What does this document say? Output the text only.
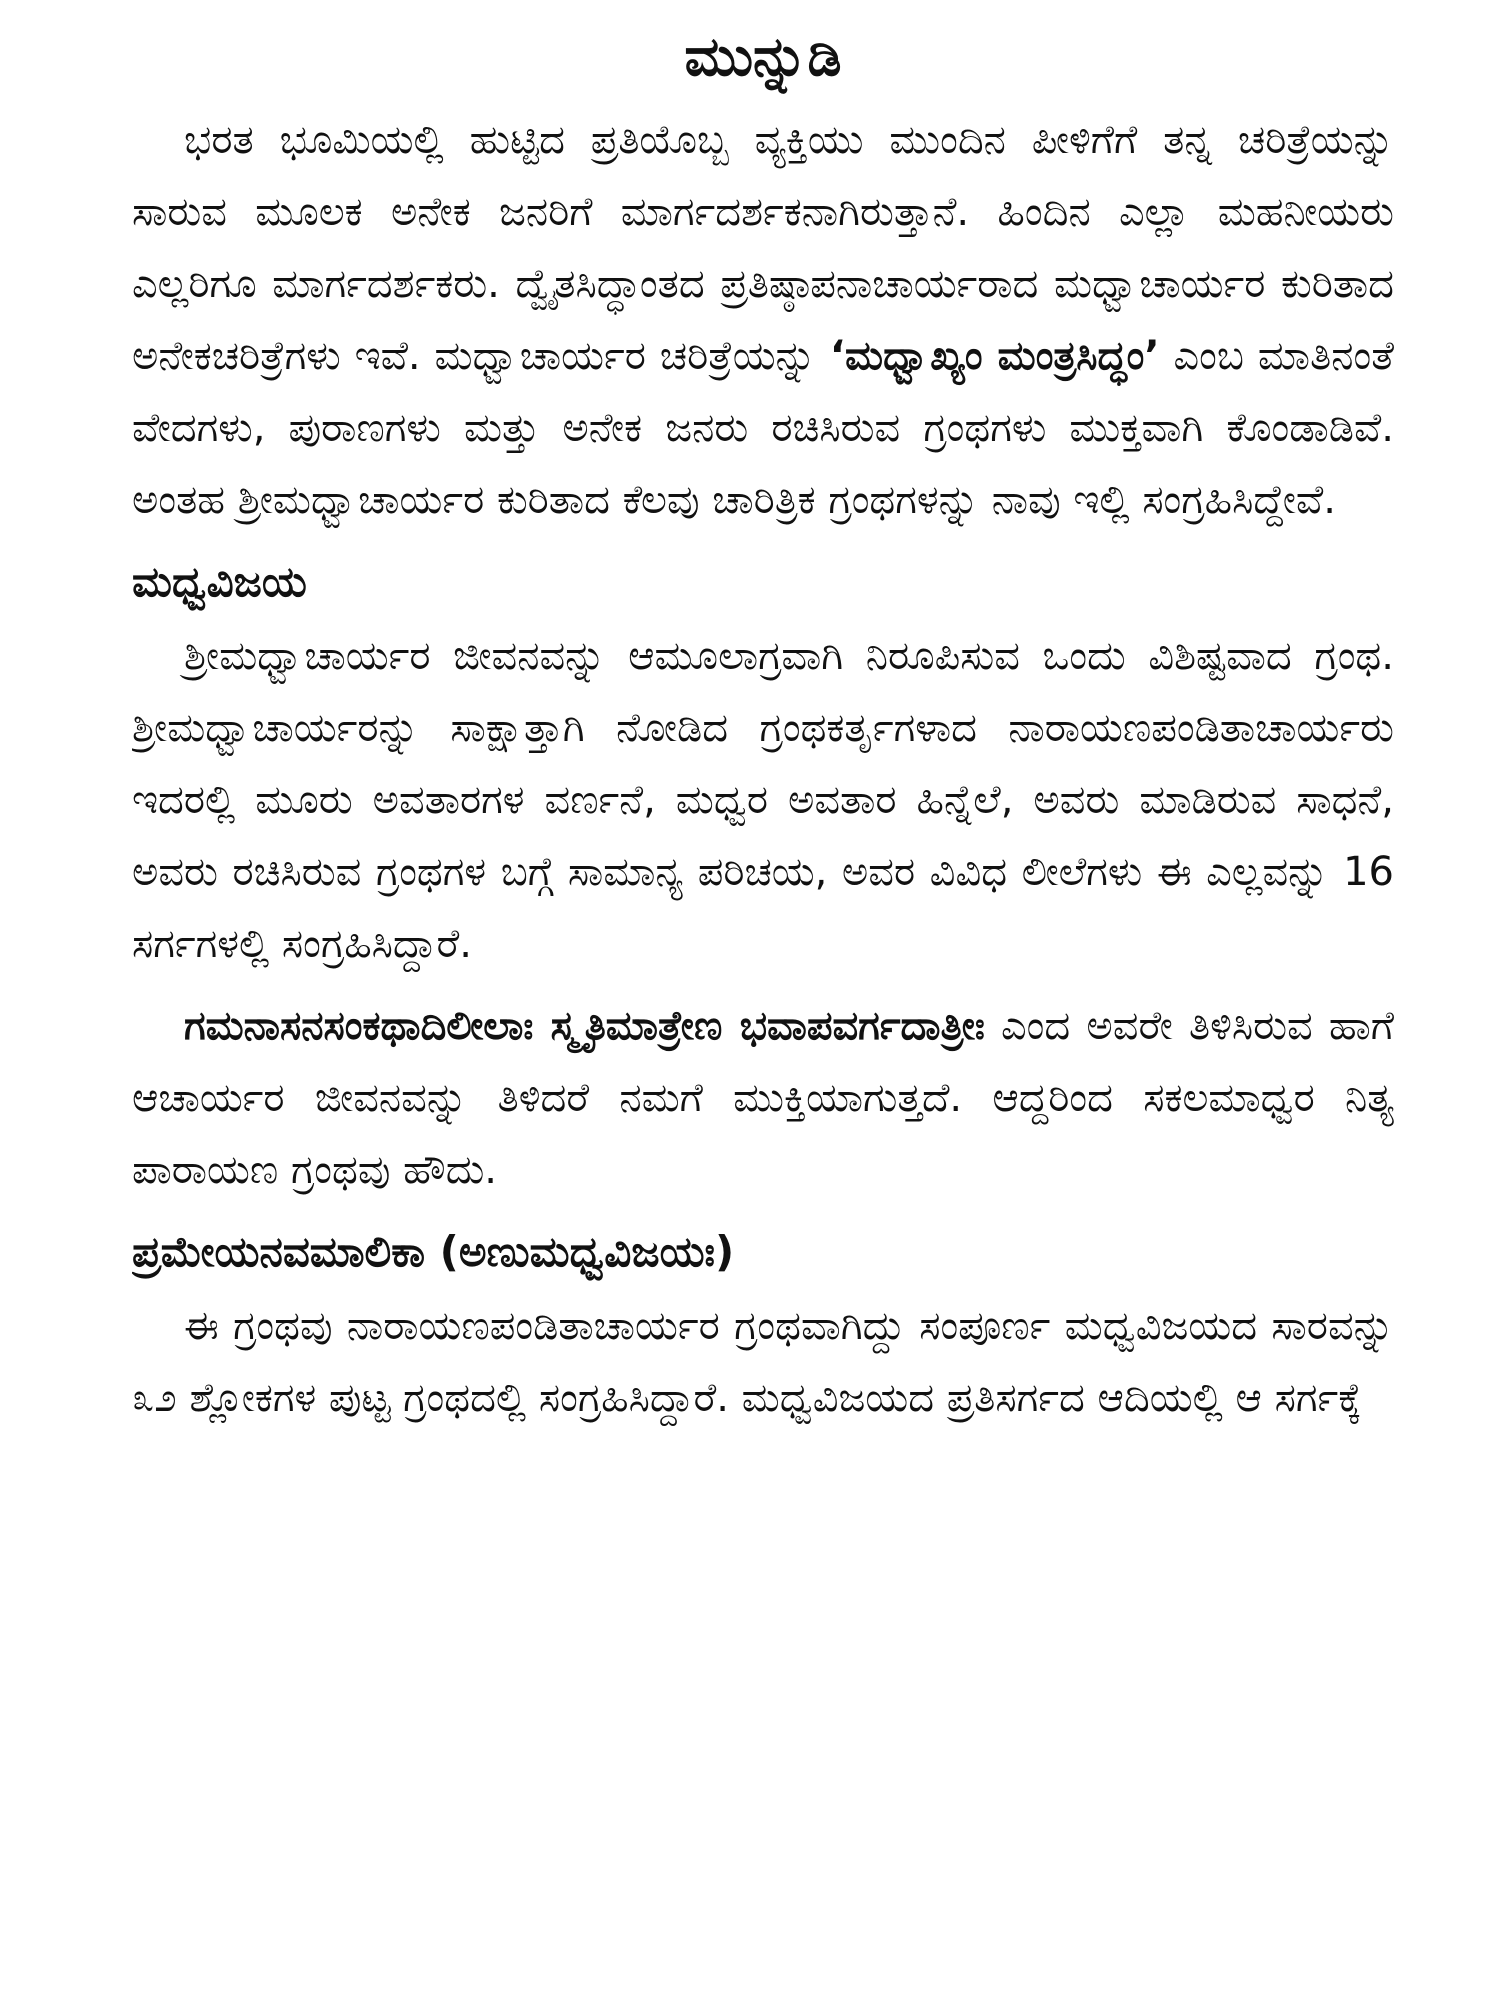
ಮುನ್ನುಡಿ

ಭರತ ಭೂಮಿಯಲ್ಲಿ ಹುಟ್ಟಿದ ಪ್ರತಿಯೊಬ್ಬ ವ್ಯಕ್ತಿಯು ಮುಂದಿನ ಪೀಳಿಗೆಗೆ ತನ್ನ ಚರಿತ್ರೆಯನ್ನು ಸಾರುವ ಮೂಲಕ ಅನೇಕ ಜನರಿಗೆ ಮಾರ್ಗದರ್ಶಕನಾಗಿರುತ್ತಾನೆ. ಹಿಂದಿನ ಎಲ್ಲಾ ಮಹನೀಯರು ಎಲ್ಲರಿಗೂ ಮಾರ್ಗದರ್ಶಕರು. ದ್ವೈತಸಿದ್ಧಾಂತದ ಪ್ರತಿಷ್ಠಾಪನಾಚಾರ್ಯರಾದ ಮಧ್ವಾಚಾರ್ಯರ ಕುರಿತಾದ ಅನೇಕಚರಿತ್ರೆಗಳು ಇವೆ. ಮಧ್ವಾಚಾರ್ಯರ ಚರಿತ್ರೆಯನ್ನು ‘ಮಧ್ವಾಖ್ಯಂ ಮಂತ್ರಸಿದ್ಧಂ’ ಎಂಬ ಮಾತಿನಂತೆ ವೇದಗಳು, ಪುರಾಣಗಳು ಮತ್ತು ಅನೇಕ ಜನರು ರಚಿಸಿರುವ ಗ್ರಂಥಗಳು ಮುಕ್ತವಾಗಿ ಕೊಂಡಾಡಿವೆ. ಅಂತಹ ಶ್ರೀಮಧ್ವಾಚಾರ್ಯರ ಕುರಿತಾದ ಕೆಲವು ಚಾರಿತ್ರಿಕ ಗ್ರಂಥಗಳನ್ನು ನಾವು ಇಲ್ಲಿ ಸಂಗ್ರಹಿಸಿದ್ದೇವೆ.

ಮಧ್ವವಿಜಯ

ಶ್ರೀಮಧ್ವಾಚಾರ್ಯರ ಜೀವನವನ್ನು ಆಮೂಲಾಗ್ರವಾಗಿ ನಿರೂಪಿಸುವ ಒಂದು ವಿಶಿಷ್ಟವಾದ ಗ್ರಂಥ. ಶ್ರೀಮಧ್ವಾಚಾರ್ಯರನ್ನು ಸಾಕ್ಷಾತ್ತಾಗಿ ನೋಡಿದ ಗ್ರಂಥಕರ್ತೃಗಳಾದ ನಾರಾಯಣಪಂಡಿತಾಚಾರ್ಯರು ಇದರಲ್ಲಿ ಮೂರು ಅವತಾರಗಳ ವರ್ಣನೆ, ಮಧ್ವರ ಅವತಾರ ಹಿನ್ನೆಲೆ, ಅವರು ಮಾಡಿರುವ ಸಾಧನೆ, ಅವರು ರಚಿಸಿರುವ ಗ್ರಂಥಗಳ ಬಗ್ಗೆ ಸಾಮಾನ್ಯ ಪರಿಚಯ, ಅವರ ವಿವಿಧ ಲೀಲೆಗಳು ಈ ಎಲ್ಲವನ್ನು 16 ಸರ್ಗಗಳಲ್ಲಿ ಸಂಗ್ರಹಿಸಿದ್ದಾರೆ.

ಗಮನಾಸನಸಂಕಥಾದಿಲೀಲಾಃ ಸ್ಮೃತಿಮಾತ್ರೇಣ ಭವಾಪವರ್ಗದಾತ್ರೀಃ ಎಂದ ಅವರೇ ತಿಳಿಸಿರುವ ಹಾಗೆ ಆಚಾರ್ಯರ ಜೀವನವನ್ನು ತಿಳಿದರೆ ನಮಗೆ ಮುಕ್ತಿಯಾಗುತ್ತದೆ. ಆದ್ದರಿಂದ ಸಕಲಮಾಧ್ವರ ನಿತ್ಯ ಪಾರಾಯಣ ಗ್ರಂಥವು ಹೌದು.

ಪ್ರಮೇಯನವಮಾಲಿಕಾ (ಅಣುಮಧ್ವವಿಜಯಃ)

ಈ ಗ್ರಂಥವು ನಾರಾಯಣಪಂಡಿತಾಚಾರ್ಯರ ಗ್ರಂಥವಾಗಿದ್ದು ಸಂಪೂರ್ಣ ಮಧ್ವವಿಜಯದ ಸಾರವನ್ನು ೩೨ ಶ್ಲೋಕಗಳ ಪುಟ್ಟ ಗ್ರಂಥದಲ್ಲಿ ಸಂಗ್ರಹಿಸಿದ್ದಾರೆ. ಮಧ್ವವಿಜಯದ ಪ್ರತಿಸರ್ಗದ ಆದಿಯಲ್ಲಿ ಆ ಸರ್ಗಕ್ಕೆ
